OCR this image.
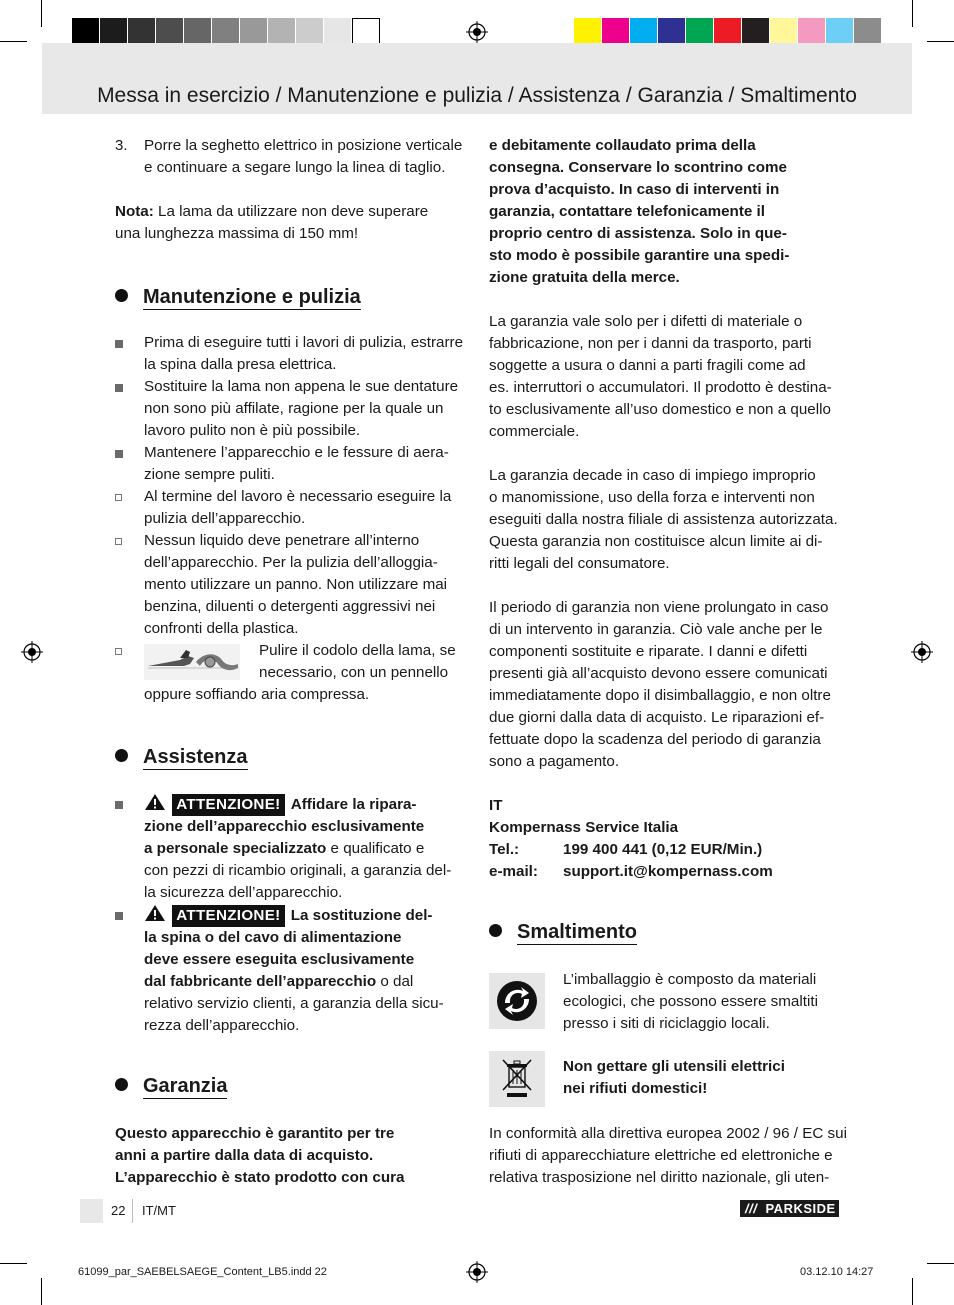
Messa in esercizio / Manutenzione e pulizia / Assistenza / Garanzia / Smaltimento
3. Porre la seghetto elettrico in posizione verticale
e continuare a segare lungo la linea di taglio.

Nota: La lama da utilizzare non deve superare
una lunghezza massima di 150 mm!

Manutenzione e pulizia

Prima di eseguire tutti i lavori di pulizia, estrarre
la spina dalla presa elettrica.

Sostituire la lama non appena le sue dentature
non sono più affilate, ragione per la quale un
lavoro pulito non è più possibile.

Mantenere l’apparecchio e le fessure di aera-
zione sempre puliti.

Al termine del lavoro è necessario eseguire la
pulizia dell’apparecchio.

Nessun liquido deve penetrare all’interno
dell’apparecchio. Per la pulizia dell’alloggia-
mento utilizzare un panno. Non utilizzare mai
benzina, diluenti o detergenti aggressivi nei
confronti della plastica.

Pulire il codolo della lama, se
necessario, con un pennello

oppure soffiando aria compressa.

Assistenza

ATTENZIONE! Affidare la ripara-
zione dell’apparecchio esclusivamente
a personale specializzato e qualificato e
con pezzi di ricambio originali, a garanzia del-
la sicurezza dell’apparecchio.

ATTENZIONE! La sostituzione del-
la spina o del cavo di alimentazione
deve essere eseguita esclusivamente
dal fabbricante dell’apparecchio o dal
relativo servizio clienti, a garanzia della sicu-
rezza dell’apparecchio.

Garanzia

Questo apparecchio è garantito per tre
anni a partire dalla data di acquisto.
L’apparecchio è stato prodotto con cura

e debitamente collaudato prima della
consegna. Conservare lo scontrino come
prova d’acquisto. In caso di interventi in
garanzia, contattare telefonicamente il
proprio centro di assistenza. Solo in que-
sto modo è possibile garantire una spedi-
zione gratuita della merce.

La garanzia vale solo per i difetti di materiale o
fabbricazione, non per i danni da trasporto, parti
soggette a usura o danni a parti fragili come ad
es. interruttori o accumulatori. Il prodotto è destina-
to esclusivamente all’uso domestico e non a quello
commerciale.

La garanzia decade in caso di impiego improprio
o manomissione, uso della forza e interventi non
eseguiti dalla nostra filiale di assistenza autorizzata.
Questa garanzia non costituisce alcun limite ai di-
ritti legali del consumatore.

Il periodo di garanzia non viene prolungato in caso
di un intervento in garanzia. Ciò vale anche per le
componenti sostituite e riparate. I danni e difetti
presenti già all’acquisto devono essere comunicati
immediatamente dopo il disimballaggio, e non oltre
due giorni dalla data di acquisto. Le riparazioni ef-
fettuate dopo la scadenza del periodo di garanzia
sono a pagamento.

IT
Kompernass Service Italia
Tel.:	199 400 441 (0,12 EUR/Min.)
e-mail: support.it@kompernass.com
Smaltimento

L’imballaggio è composto da materiali
ecologici, che possono essere smaltiti
presso i siti di riciclaggio locali.

Non gettare gli utensili elettrici
nei rifiuti domestici!

In conformità alla direttiva europea 2002 / 96 / EC sui
rifiuti di apparecchiature elettriche ed elettroniche e
relativa trasposizione nel diritto nazionale, gli uten-

22 IT/MT	/// PARKSIDE
61099_par_SAEBELSAEGE_Content_LB5.indd 22	03.12.10 14:27
